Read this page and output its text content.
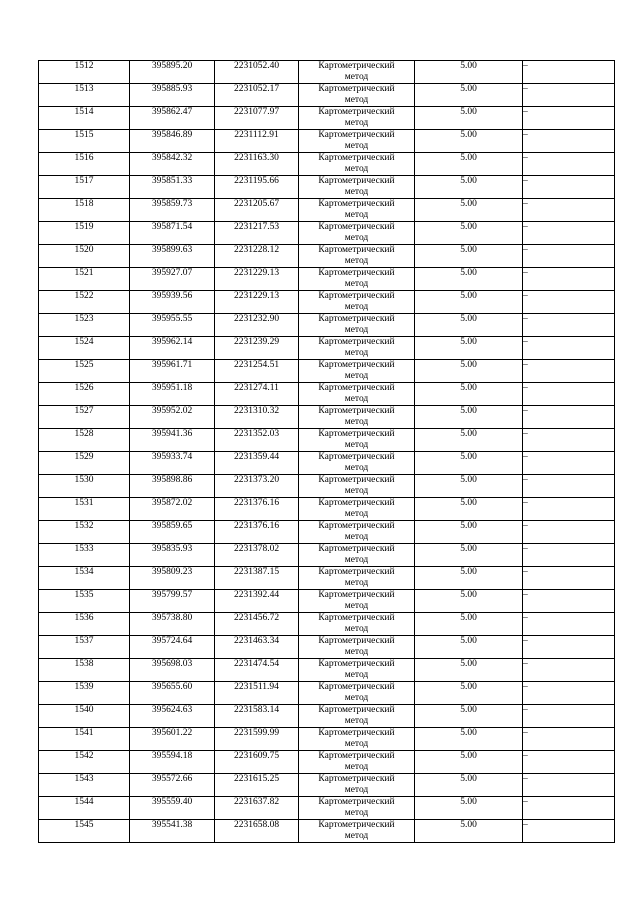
1512	395895.20	2231052.40	Картометрический
метод	5.00	–
1513	395885.93	2231052.17	Картометрический
метод	5.00	–
1514	395862.47	2231077.97	Картометрический
метод	5.00	–
1515	395846.89	2231112.91	Картометрический
метод	5.00	–
1516	395842.32	2231163.30	Картометрический
метод	5.00	–
1517	395851.33	2231195.66	Картометрический
метод	5.00	–
1518	395859.73	2231205.67	Картометрический
метод	5.00	–
1519	395871.54	2231217.53	Картометрический
метод	5.00	–
1520	395899.63	2231228.12	Картометрический
метод	5.00	–
1521	395927.07	2231229.13	Картометрический
метод	5.00	–
1522	395939.56	2231229.13	Картометрический
метод	5.00	–
1523	395955.55	2231232.90	Картометрический
метод	5.00	–
1524	395962.14	2231239.29	Картометрический
метод	5.00	–
1525	395961.71	2231254.51	Картометрический
метод	5.00	–
1526	395951.18	2231274.11	Картометрический
метод	5.00	–
1527	395952.02	2231310.32	Картометрический
метод	5.00	–
1528	395941.36	2231352.03	Картометрический
метод	5.00	–
1529	395933.74	2231359.44	Картометрический
метод	5.00	–
1530	395898.86	2231373.20	Картометрический
метод	5.00	–
1531	395872.02	2231376.16	Картометрический
метод	5.00	–
1532	395859.65	2231376.16	Картометрический
метод	5.00	–
1533	395835.93	2231378.02	Картометрический
метод	5.00	–
1534	395809.23	2231387.15	Картометрический
метод	5.00	–
1535	395799.57	2231392.44	Картометрический
метод	5.00	–
1536	395738.80	2231456.72	Картометрический
метод	5.00	–
1537	395724.64	2231463.34	Картометрический
метод	5.00	–
1538	395698.03	2231474.54	Картометрический
метод	5.00	–
1539	395655.60	2231511.94	Картометрический
метод	5.00	–
1540	395624.63	2231583.14	Картометрический
метод	5.00	–
1541	395601.22	2231599.99	Картометрический
метод	5.00	–
1542	395594.18	2231609.75	Картометрический
метод	5.00	–
1543	395572.66	2231615.25	Картометрический
метод	5.00	–
1544	395559.40	2231637.82	Картометрический
метод	5.00	–
1545	395541.38	2231658.08	Картометрический
метод	5.00	–
